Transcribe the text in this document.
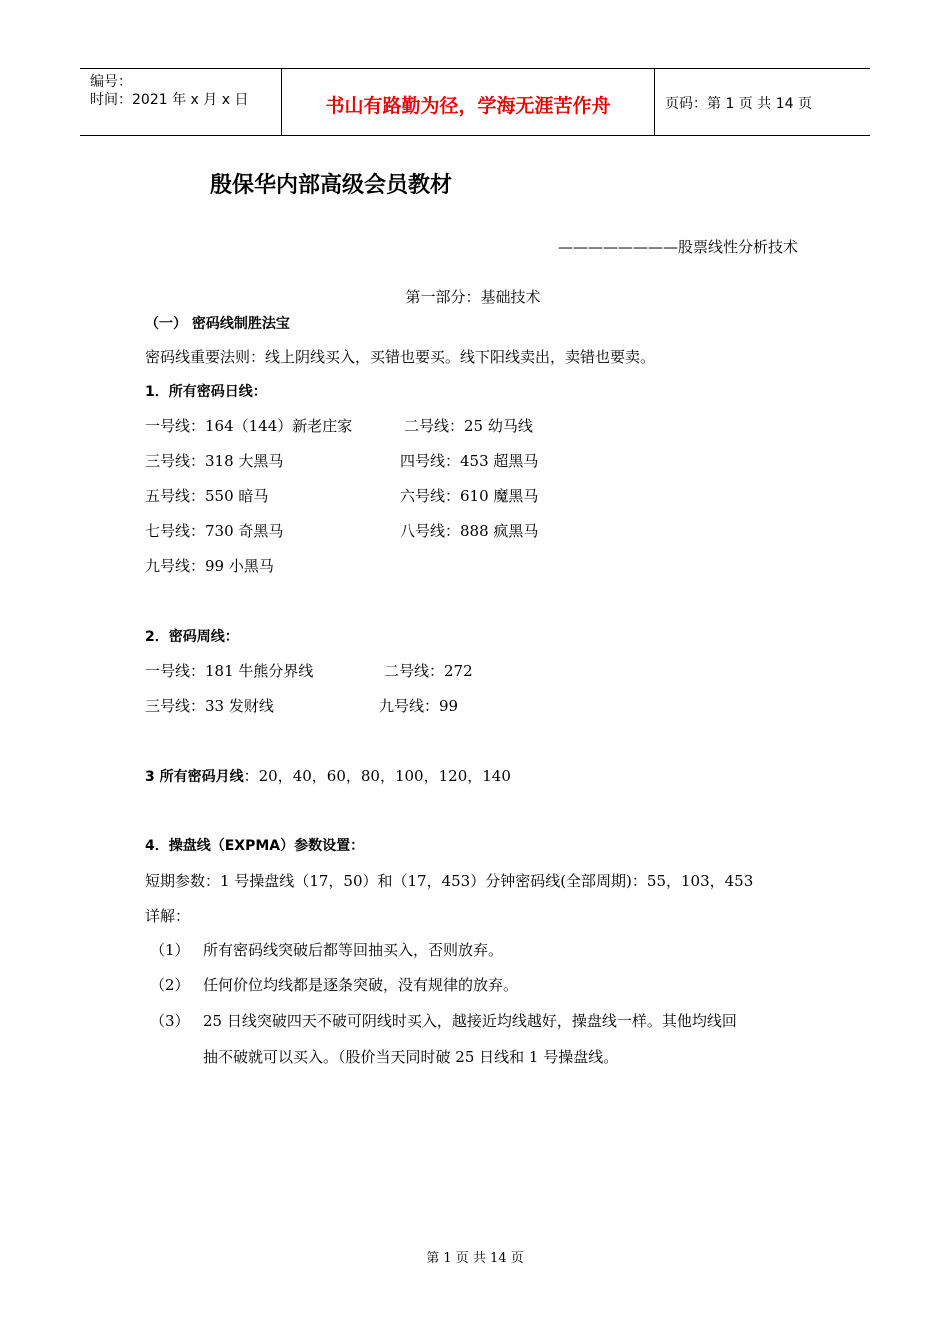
编号：
时间：2021 年 x 月 x 日	书山有路勤为径，学海无涯苦作舟	页码：第 1 页 共 14 页
殷保华内部高级会员教材
————————股票线性分析技术
第一部分：基础技术
（一） 密码线制胜法宝
密码线重要法则：线上阴线买入，买错也要买。线下阳线卖出，卖错也要卖。
1．所有密码日线：
一号线：164（144）新老庄家	二号线：25 幼马线
三号线：318 大黑马	四号线：453 超黑马
五号线：550 暗马	六号线：610 魔黑马
七号线：730 奇黑马	八号线：888 疯黑马
九号线：99 小黑马
2．密码周线：
一号线：181 牛熊分界线	二号线：272
三号线：33 发财线	九号线：99
3 所有密码月线：20，40，60，80，100，120，140
4．操盘线（EXPMA）参数设置：
短期参数：1 号操盘线（17，50）和（17，453）分钟密码线(全部周期)：55，103，453
详解：
（1） 所有密码线突破后都等回抽买入，否则放弃。
（2） 任何价位均线都是逐条突破，没有规律的放弃。
（3） 25 日线突破四天不破可阴线时买入，越接近均线越好，操盘线一样。其他均线回
抽不破就可以买入。（股价当天同时破 25 日线和 1 号操盘线。
第 1 页 共 14 页
